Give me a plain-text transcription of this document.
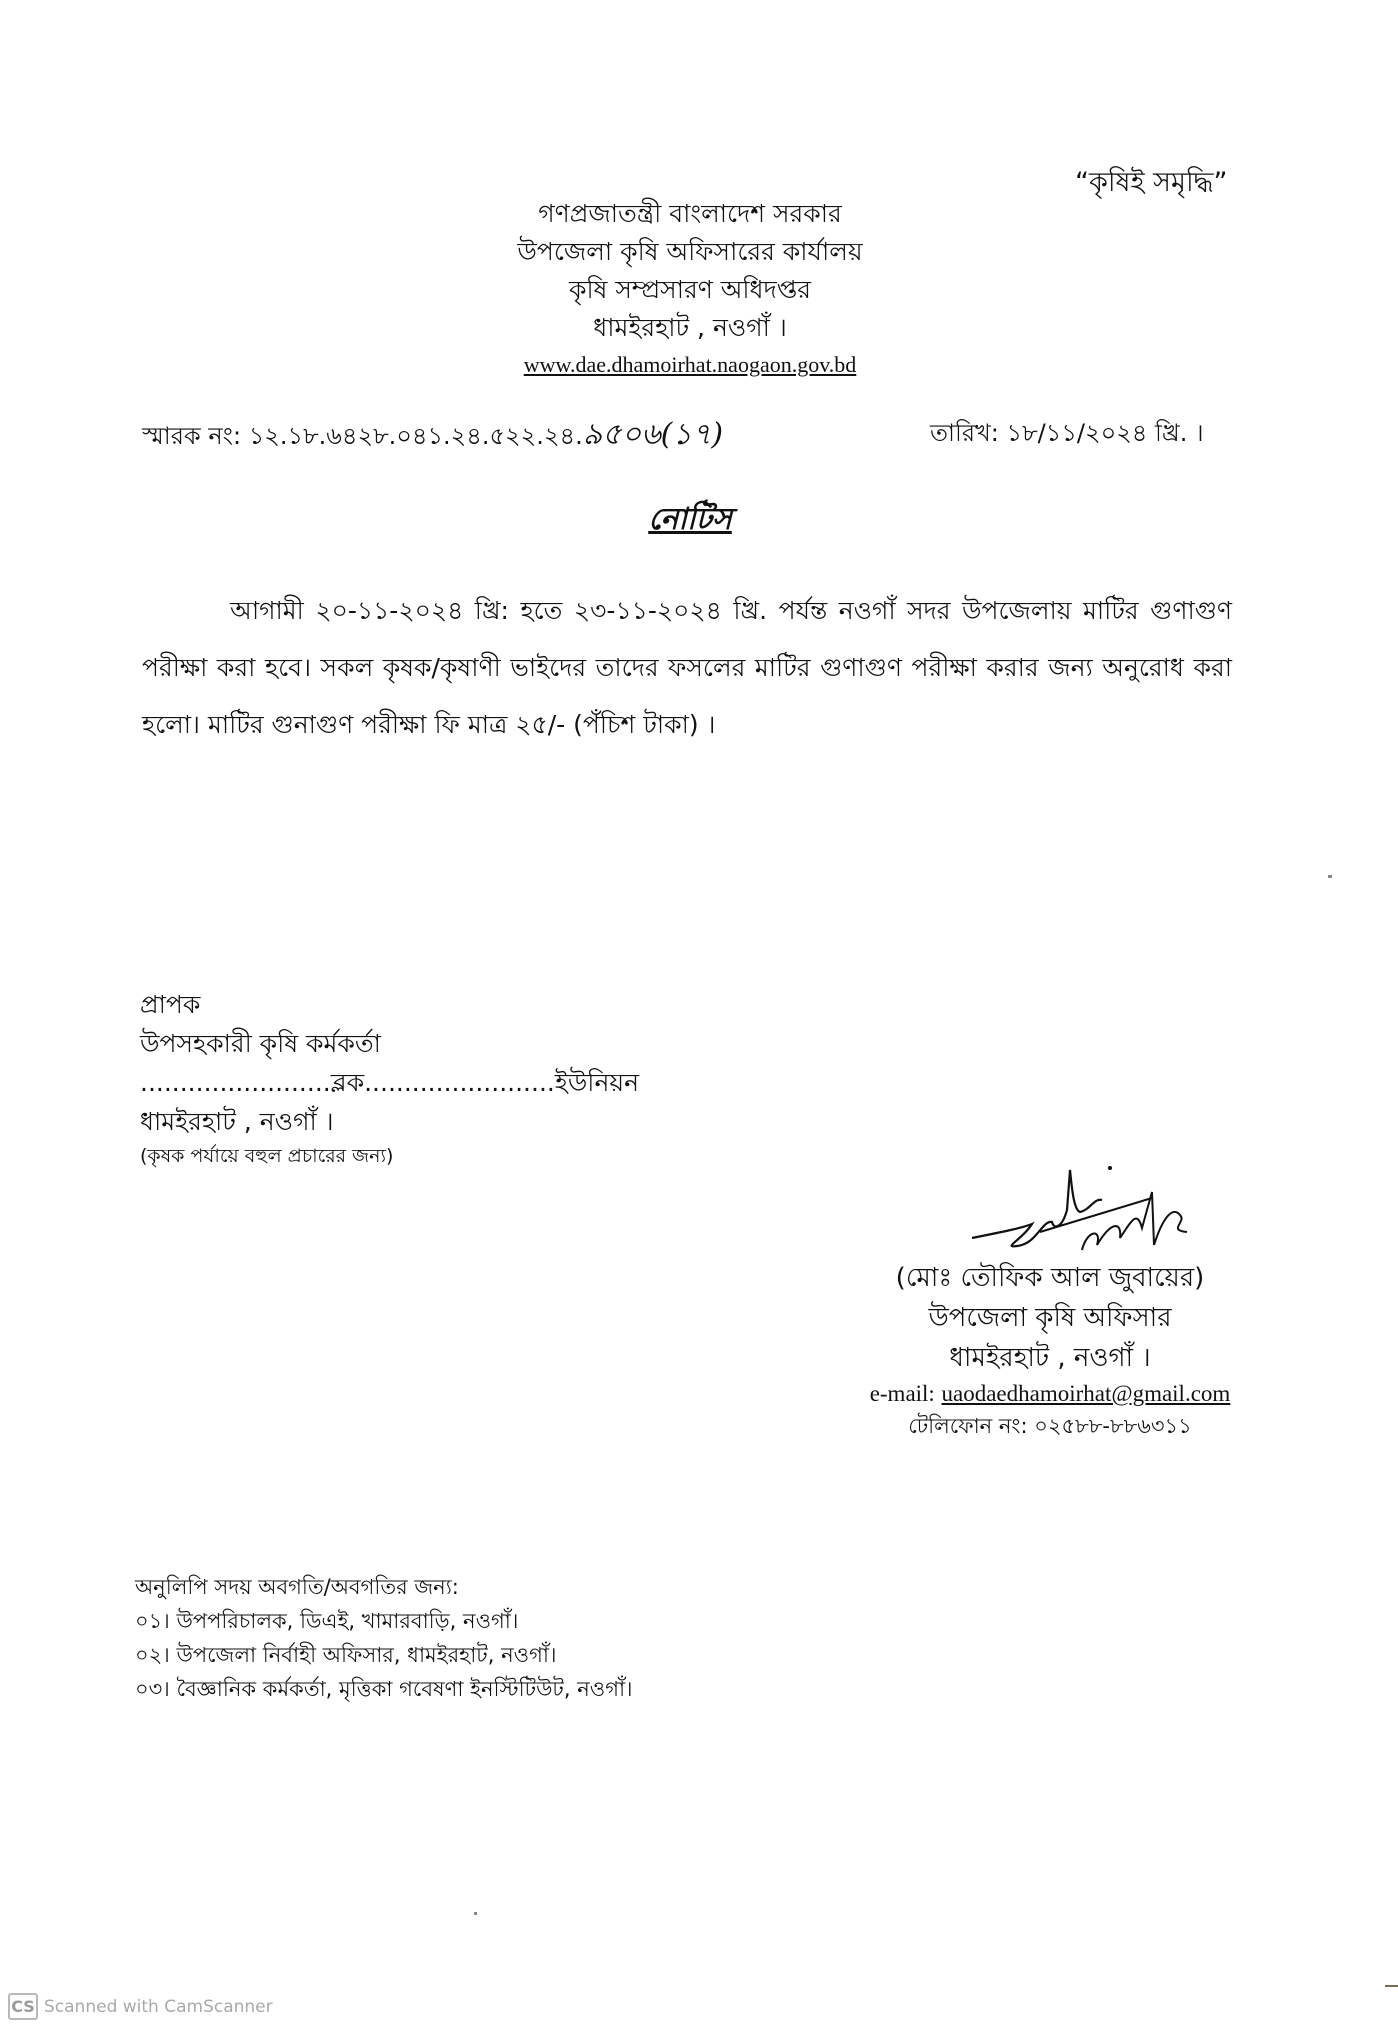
“কৃষিই সমৃদ্ধি”
গণপ্রজাতন্ত্রী বাংলাদেশ সরকার
উপজেলা কৃষি অফিসারের কার্যালয়
কৃষি সম্প্রসারণ অধিদপ্তর
ধামইরহাট , নওগাঁ ।
www.dae.dhamoirhat.naogaon.gov.bd
স্মারক নং: ১২.১৮.৬৪২৮.০৪১.২৪.৫২২.২৪.৯৫০৬(১৭)	তারিখ: ১৮/১১/২০২৪ খ্রি. ।
নোটিস
আগামী ২০-১১-২০২৪ খ্রি: হতে ২৩-১১-২০২৪ খ্রি. পর্যন্ত নওগাঁ সদর উপজেলায় মাটির গুণাগুণ পরীক্ষা করা হবে। সকল কৃষক/কৃষাণী ভাইদের তাদের ফসলের মাটির গুণাগুণ পরীক্ষা করার জন্য অনুরোধ করা হলো। মাটির গুনাগুণ পরীক্ষা ফি মাত্র ২৫/- (পঁচিশ টাকা) ।
প্রাপক
উপসহকারী কৃষি কর্মকর্তা
........................ব্লক........................ইউনিয়ন
ধামইরহাট , নওগাঁ ।
(কৃষক পর্যায়ে বহুল প্রচারের জন্য)
(মোঃ তৌফিক আল জুবায়ের)
উপজেলা কৃষি অফিসার
ধামইরহাট , নওগাঁ ।
e-mail: uaodaedhamoirhat@gmail.com
টেলিফোন নং: ০২৫৮৮-৮৮৬৩১১
অনুলিপি সদয় অবগতি/অবগতির জন্য:
০১। উপপরিচালক, ডিএই, খামারবাড়ি, নওগাঁ।
০২। উপজেলা নির্বাহী অফিসার, ধামইরহাট, নওগাঁ।
০৩। বৈজ্ঞানিক কর্মকর্তা, মৃত্তিকা গবেষণা ইনস্টিটিউট, নওগাঁ।
CS Scanned with CamScanner
